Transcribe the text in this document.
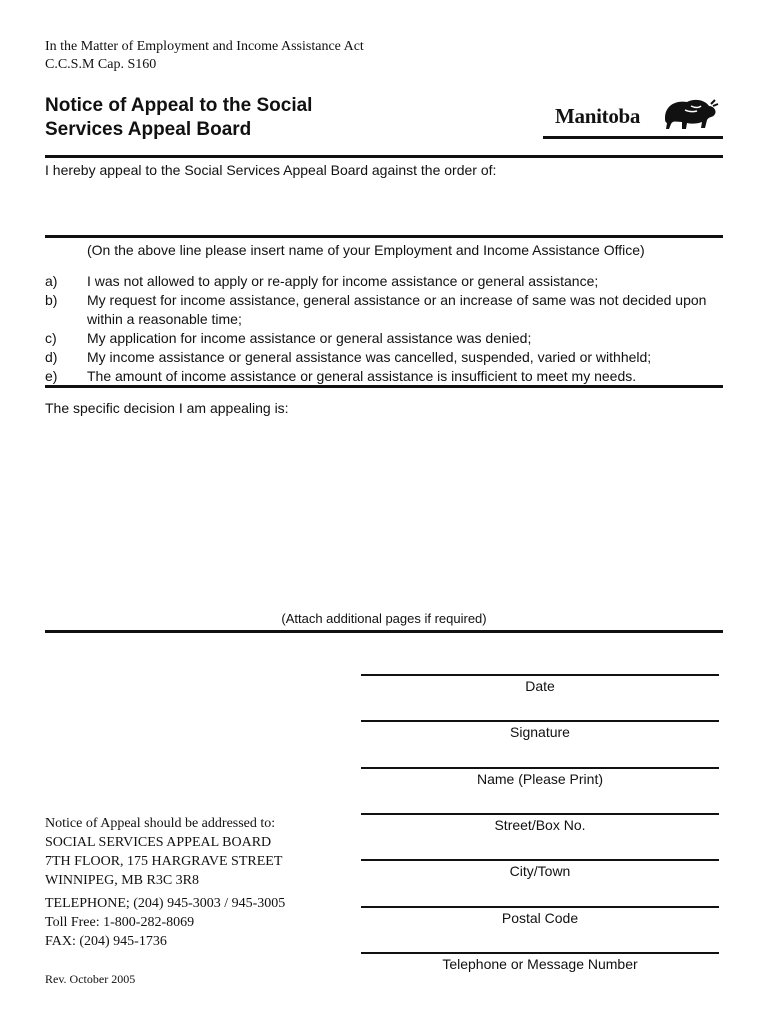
In the Matter of Employment and Income Assistance Act
C.C.S.M Cap. S160
Notice of Appeal to the Social
Services Appeal Board
Manitoba
I hereby appeal to the Social Services Appeal Board against the order of:
(On the above line please insert name of your Employment and Income Assistance Office)
a)	I was not allowed to apply or re-apply for income assistance or general assistance;
b)	My request for income assistance, general assistance or an increase of same was not decided upon within a reasonable time;
c)	My application for income assistance or general assistance was denied;
d)	My income assistance or general assistance was cancelled, suspended, varied or withheld;
e)	The amount of income assistance or general assistance is insufficient to meet my needs.
The specific decision I am appealing is:
(Attach additional pages if required)
Date
Signature
Name (Please Print)
Street/Box No.
City/Town
Postal Code
Telephone or Message Number
Notice of Appeal should be addressed to:
SOCIAL SERVICES APPEAL BOARD
7TH FLOOR, 175 HARGRAVE STREET
WINNIPEG, MB R3C 3R8
TELEPHONE; (204) 945-3003 / 945-3005
Toll Free: 1-800-282-8069
FAX: (204) 945-1736
Rev. October 2005
